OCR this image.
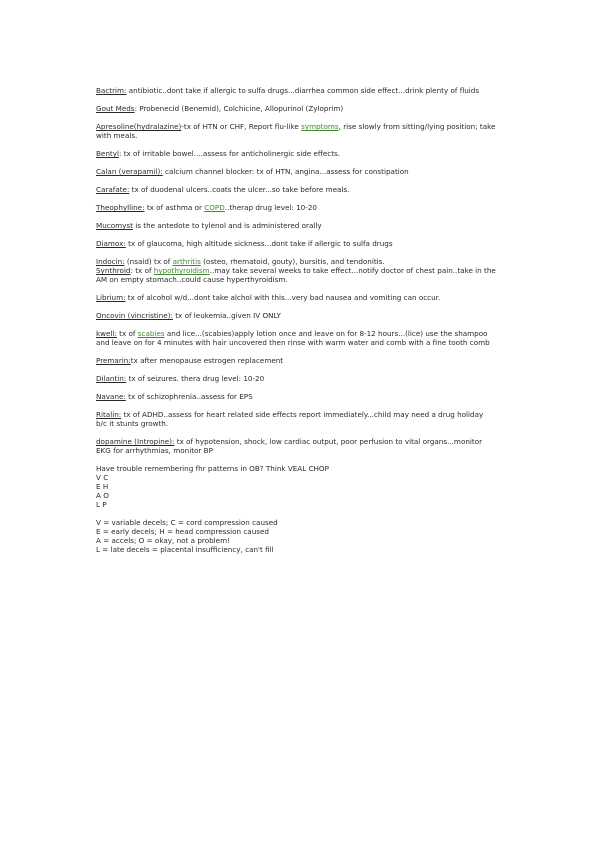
Bactrim: antibiotic..dont take if allergic to sulfa drugs...diarrhea common side effect...drink plenty of fluids
Gout Meds: Probenecid (Benemid), Colchicine, Allopurinol (Zyloprim)
Apresoline(hydralazine)-tx of HTN or CHF, Report flu-like symptoms, rise slowly from sitting/lying position; take with meals.
Bentyl: tx of irritable bowel....assess for anticholinergic side effects.
Calan (verapamil): calcium channel blocker: tx of HTN, angina...assess for constipation
Carafate: tx of duodenal ulcers..coats the ulcer...so take before meals.
Theophylline: tx of asthma or COPD..therap drug level: 10-20
Mucomyst is the antedote to tylenol and is administered orally
Diamox: tx of glaucoma, high altitude sickness...dont take if allergic to sulfa drugs
Indocin: (nsaid) tx of arthritis (osteo, rhematoid, gouty), bursitis, and tendonitis.
Synthroid: tx of hypothyroidism..may take several weeks to take effect...notify doctor of chest pain..take in the AM on empty stomach..could cause hyperthyroidism.
Librium: tx of alcohol w/d...dont take alchol with this...very bad nausea and vomiting can occur.
Oncovin (vincristine): tx of leukemia..given IV ONLY
kwell: tx of scabies and lice...(scabies)apply lotion once and leave on for 8-12 hours...(lice) use the shampoo and leave on for 4 minutes with hair uncovered then rinse with warm water and comb with a fine tooth comb
Premarin:tx after menopause estrogen replacement
Dilantin: tx of seizures. thera drug level: 10-20
Navane: tx of schizophrenia..assess for EPS
Ritalin: tx of ADHD..assess for heart related side effects report immediately...child may need a drug holiday b/c it stunts growth.
dopamine (Intropine): tx of hypotension, shock, low cardiac output, poor perfusion to vital organs...monitor EKG for arrhythmias, monitor BP
Have trouble remembering fhr patterns in OB? Think VEAL CHOP
V C
E H
A O
L P
V = variable decels; C = cord compression caused
E = early decels; H = head compression caused
A = accels; O = okay, not a problem!
L = late decels = placental insufficiency, can't fill
